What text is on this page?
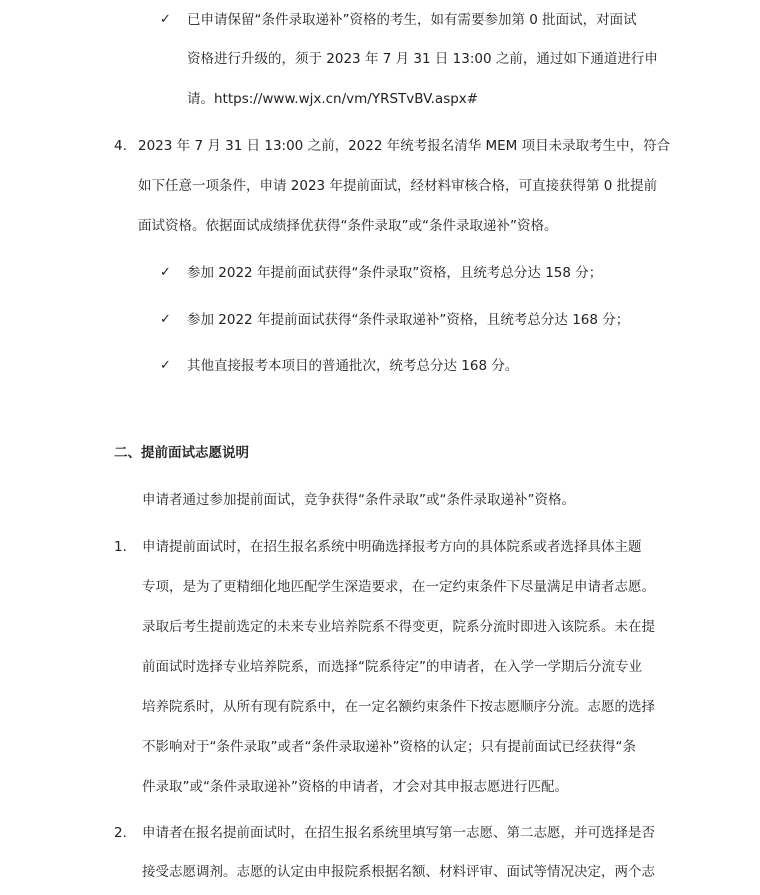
✓ 已申请保留“条件录取递补”资格的考生，如有需要参加第 0 批面试，对面试
资格进行升级的，须于 2023 年 7 月 31 日 13:00 之前，通过如下通道进行申
请。https://www.wjx.cn/vm/YRSTvBV.aspx#
4. 2023 年 7 月 31 日 13:00 之前，2022 年统考报名清华 MEM 项目未录取考生中，符合
如下任意一项条件，申请 2023 年提前面试，经材料审核合格，可直接获得第 0 批提前
面试资格。依据面试成绩择优获得“条件录取”或“条件录取递补”资格。
✓ 参加 2022 年提前面试获得“条件录取”资格，且统考总分达 158 分；
✓ 参加 2022 年提前面试获得“条件录取递补”资格，且统考总分达 168 分；
✓ 其他直接报考本项目的普通批次，统考总分达 168 分。
二、提前面试志愿说明
申请者通过参加提前面试，竞争获得“条件录取”或“条件录取递补”资格。
1. 申请提前面试时，在招生报名系统中明确选择报考方向的具体院系或者选择具体主题
专项，是为了更精细化地匹配学生深造要求，在一定约束条件下尽量满足申请者志愿。
录取后考生提前选定的未来专业培养院系不得变更，院系分流时即进入该院系。未在提
前面试时选择专业培养院系，而选择“院系待定”的申请者，在入学一学期后分流专业
培养院系时，从所有现有院系中，在一定名额约束条件下按志愿顺序分流。志愿的选择
不影响对于“条件录取”或者“条件录取递补”资格的认定；只有提前面试已经获得“条
件录取”或“条件录取递补”资格的申请者，才会对其申报志愿进行匹配。
2. 申请者在报名提前面试时，在招生报名系统里填写第一志愿、第二志愿，并可选择是否
接受志愿调剂。志愿的认定由申报院系根据名额、材料评审、面试等情况决定，两个志
